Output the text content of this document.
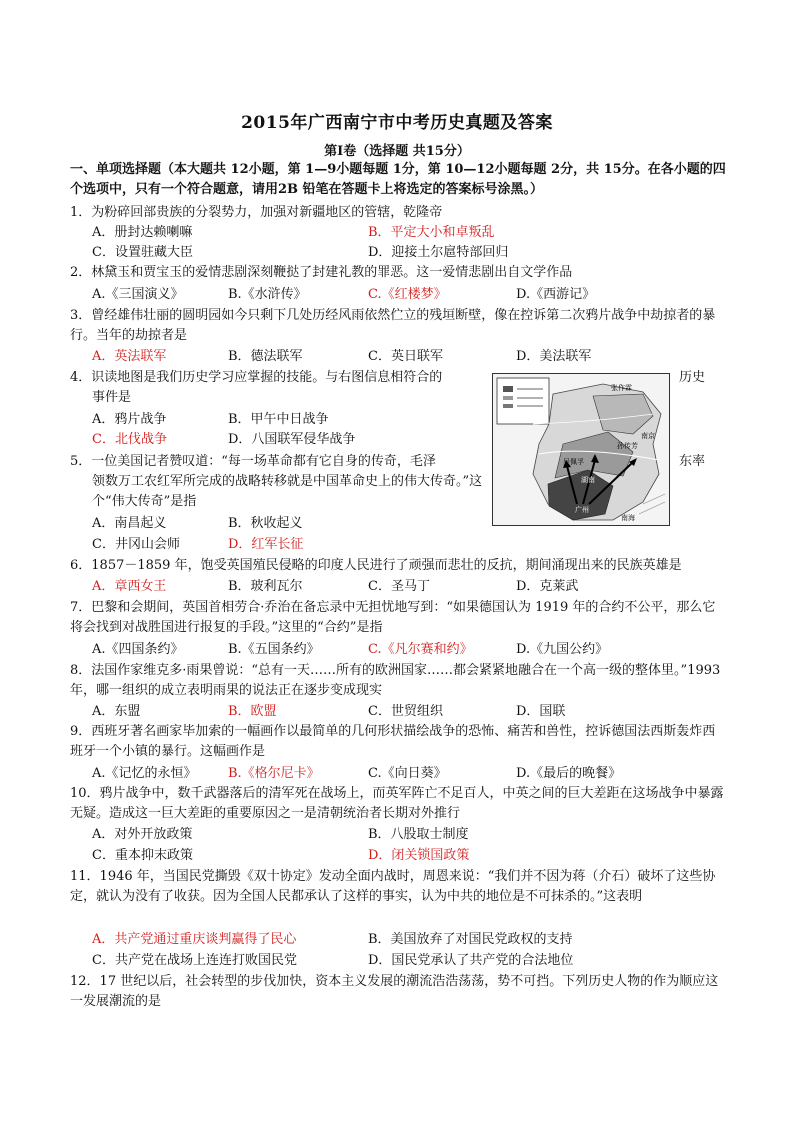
2015年广西南宁市中考历史真题及答案
第Ⅰ卷（选择题 共15分）
一、单项选择题（本大题共 12小题，第 1—9小题每题 1分，第 10—12小题每题 2分，共 15分。在各小题的四个选项中，只有一个符合题意，请用2B 铅笔在答题卡上将选定的答案标号涂黑。）
1．为粉碎回部贵族的分裂势力，加强对新疆地区的管辖，乾隆帝
A．册封达赖喇嘛	B．平定大小和卓叛乱
C．设置驻藏大臣	D．迎接土尔扈特部回归
2．林黛玉和贾宝玉的爱情悲剧深刻鞭挞了封建礼教的罪恶。这一爱情悲剧出自文学作品
A.《三国演义》	B.《水浒传》	C.《红楼梦》	D.《西游记》
3．曾经雄伟壮丽的圆明园如今只剩下几处历经风雨依然伫立的残垣断壁，像在控诉第二次鸦片战争中劫掠者的暴行。当年的劫掠者是
A．英法联军	B．德法联军	C．英日联军	D．美法联军
4．识读地图是我们历史学习应掌握的技能。与右图信息相符合的	历史
事件是
A．鸦片战争	B．甲午中日战争
C．北伐战争	D．八国联军侵华战争
张作霖
吴佩孚
孙传芳
湖南
南京
广州
南海
5．一位美国记者赞叹道：“每一场革命都有它自身的传奇，毛泽	东率
领数万工农红军所完成的战略转移就是中国革命史上的伟大传奇。”这个“伟大传奇”是指
A．南昌起义	B．秋收起义
C．井冈山会师	D．红军长征
6．1857－1859 年，饱受英国殖民侵略的印度人民进行了顽强而悲壮的反抗，期间涌现出来的民族英雄是
A．章西女王	B．玻利瓦尔	C．圣马丁	D．克莱武
7．巴黎和会期间，英国首相劳合·乔治在备忘录中无担忧地写到：“如果德国认为 1919 年的合约不公平，那么它将会找到对战胜国进行报复的手段。”这里的“合约”是指
A.《四国条约》	B.《五国条约》	C.《凡尔赛和约》	D.《九国公约》
8．法国作家维克多·雨果曾说：“总有一天……所有的欧洲国家……都会紧紧地融合在一个高一级的整体里。”1993 年，哪一组织的成立表明雨果的说法正在逐步变成现实
A．东盟	B．欧盟	C．世贸组织	D．国联
9．西班牙著名画家毕加索的一幅画作以最简单的几何形状描绘战争的恐怖、痛苦和兽性，控诉德国法西斯轰炸西班牙一个小镇的暴行。这幅画作是
A.《记忆的永恒》 B.《格尔尼卡》	C.《向日葵》	D.《最后的晚餐》
10．鸦片战争中，数千武器落后的清军死在战场上，而英军阵亡不足百人，中英之间的巨大差距在这场战争中暴露无疑。造成这一巨大差距的重要原因之一是清朝统治者长期对外推行
A．对外开放政策	B．八股取士制度
C．重本抑末政策	D．闭关锁国政策
11．1946 年，当国民党撕毁《双十协定》发动全面内战时，周恩来说：“我们并不因为蒋（介石）破坏了这些协定，就认为没有了收获。因为全国人民都承认了这样的事实，认为中共的地位是不可抹杀的。”这表明
A．共产党通过重庆谈判赢得了民心	B．美国放弃了对国民党政权的支持
C．共产党在战场上连连打败国民党	D．国民党承认了共产党的合法地位
12．17 世纪以后，社会转型的步伐加快，资本主义发展的潮流浩浩荡荡，势不可挡。下列历史人物的作为顺应这一发展潮流的是
